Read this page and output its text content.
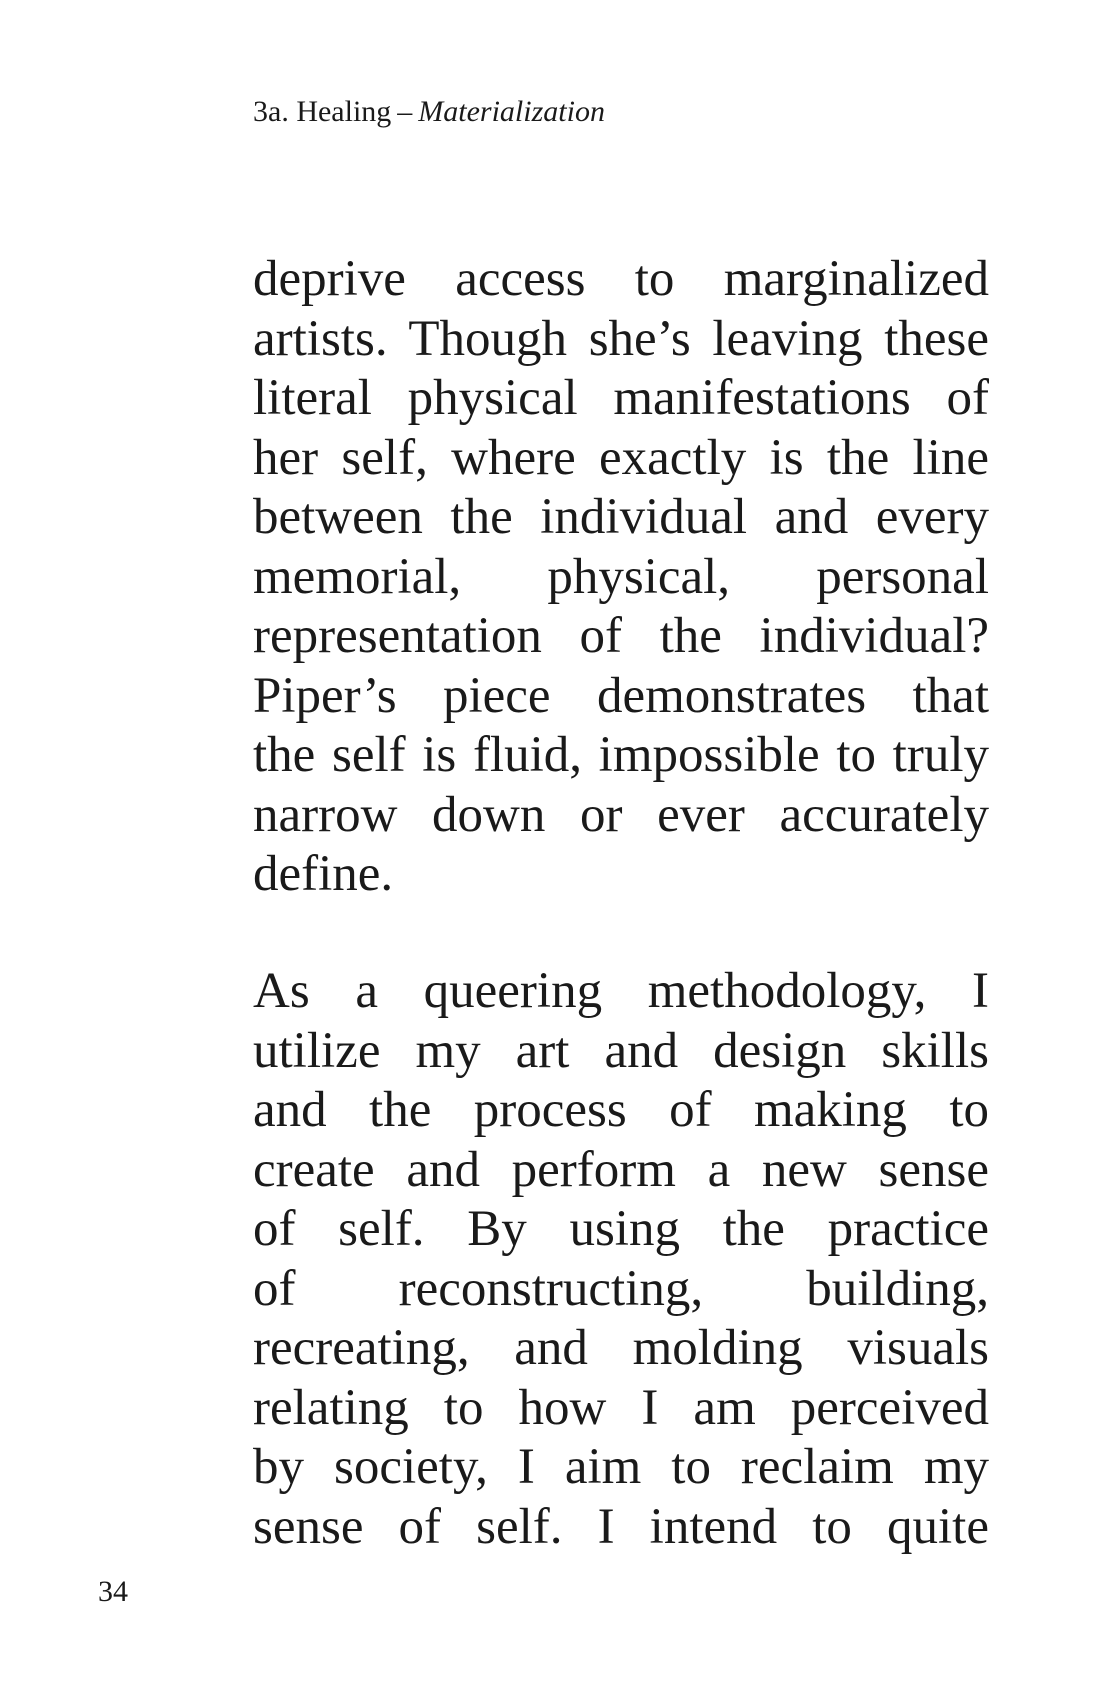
3a. Healing – Materialization
deprive access to marginalized
artists. Though she’s leaving these
literal physical manifestations of
her self, where exactly is the line
between the individual and every
memorial, physical, personal
representation of the individual?
Piper’s piece demonstrates that
the self is fluid, impossible to truly
narrow down or ever accurately
define.
As a queering methodology, I
utilize my art and design skills
and the process of making to
create and perform a new sense
of self. By using the practice
of reconstructing, building,
recreating, and molding visuals
relating to how I am perceived
by society, I aim to reclaim my
sense of self. I intend to quite
34
